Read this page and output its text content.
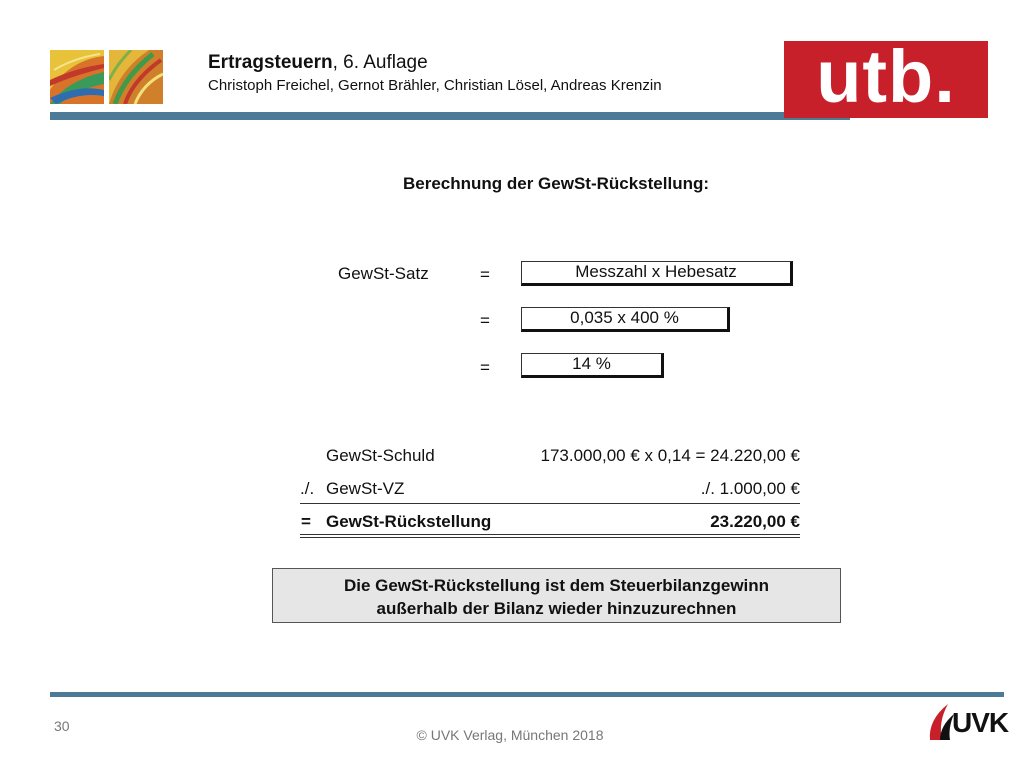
Ertragsteuern, 6. Auflage
Christoph Freichel, Gernot Brähler, Christian Lösel, Andreas Krenzin	utb.
Berechnung der GewSt-Rückstellung:
GewSt-Satz	=	Messzahl x Hebesatz
=	0,035 x 400 %
=	14 %
GewSt-Schuld	173.000,00 € x 0,14 = 24.220,00 €
./. GewSt-VZ	./. 1.000,00 €
= GewSt-Rückstellung	23.220,00 €
Die GewSt-Rückstellung ist dem Steuerbilanzgewinn
außerhalb der Bilanz wieder hinzuzurechnen
30
© UVK Verlag, München 2018	UVK
